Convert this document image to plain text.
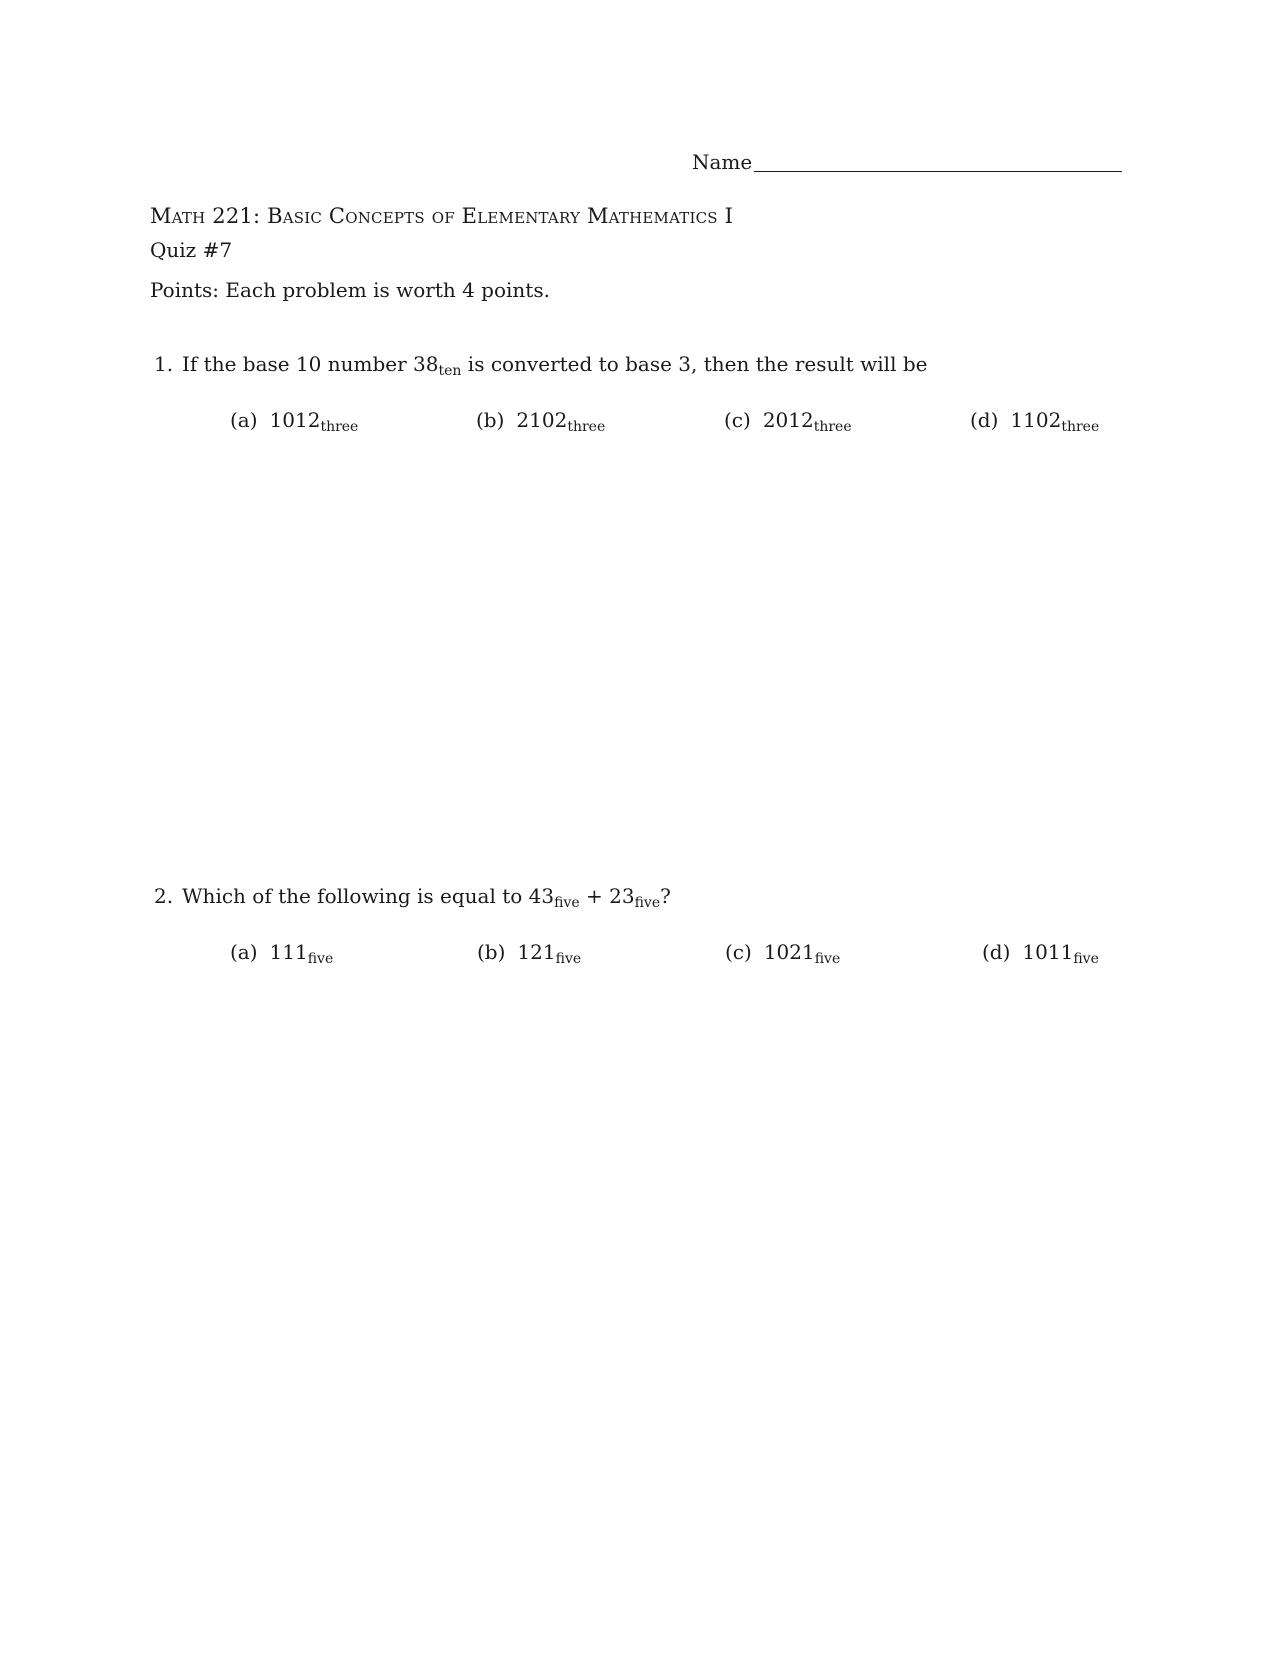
Name
Math 221: Basic Concepts of Elementary Mathematics I
Quiz #7
Points: Each problem is worth 4 points.
1. If the base 10 number $38_{ten}$ is converted to base 3, then the result will be
(a) $1012_{three}$	(b) $2102_{three}$	(c) $2012_{three}$	(d) $1102_{three}$
2. Which of the following is equal to $43_{five} + 23_{five}$?
(a) $111_{five}$	(b) $121_{five}$	(c) $1021_{five}$	(d) $1011_{five}$
